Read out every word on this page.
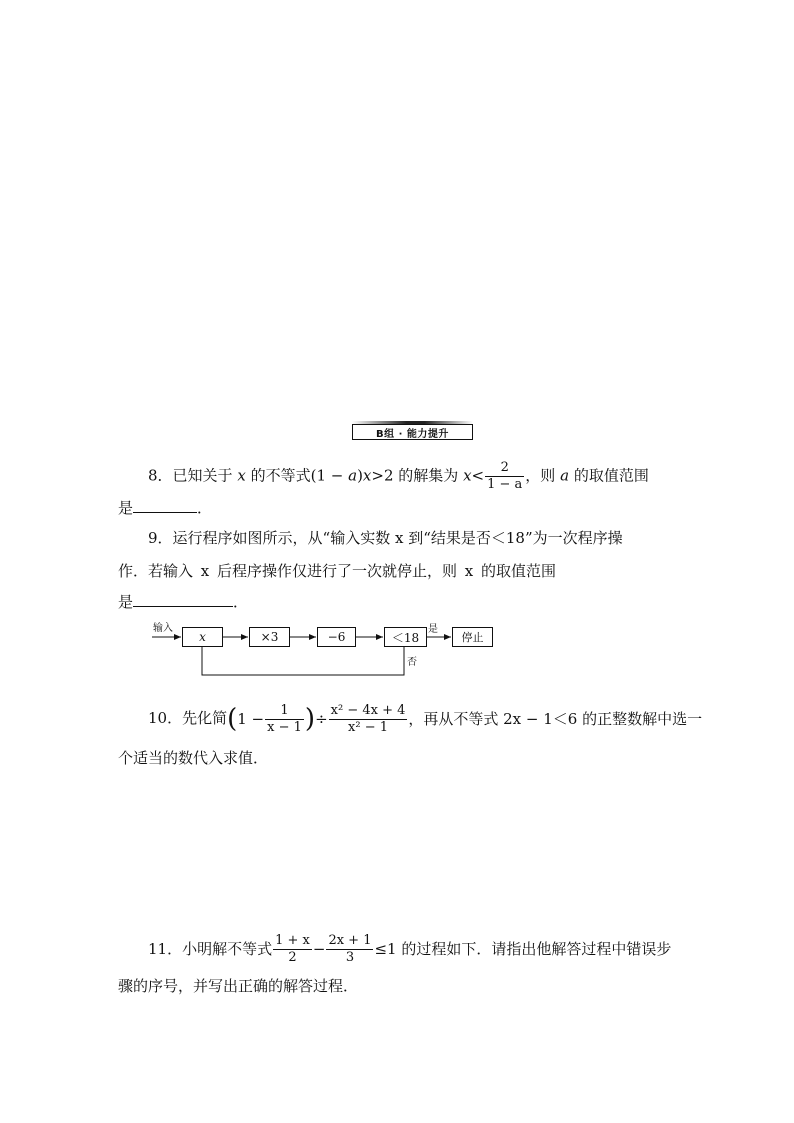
B组 · 能力提升
8．已知关于 x 的不等式(1 − a)x>2 的解集为 $x< \frac{2}{1 - a}$ ，则 a 的取值范围
是	．
9．运行程序如图所示，从“输入实数 x 到“结果是否＜18”为一次程序操
作．若输入 x 后程序操作仅进行了一次就停止，则 x 的取值范围
是	．
输入
x	×3	−6	＜18
是
否
停止
10．先化简($1 - \frac{1}{x - 1}$ )÷ $\frac{\text{x² − 4x + 4}}{\text{x² − 1}}$ ，再从不等式 2x − 1＜6 的正整数解中选一
个适当的数代入求值．
11．小明解不等式 $\frac{1 + x}{2} - \frac{2x + 1}{3} \le 1$ 的过程如下．请指出他解答过程中错误步
骤的序号，并写出正确的解答过程．
